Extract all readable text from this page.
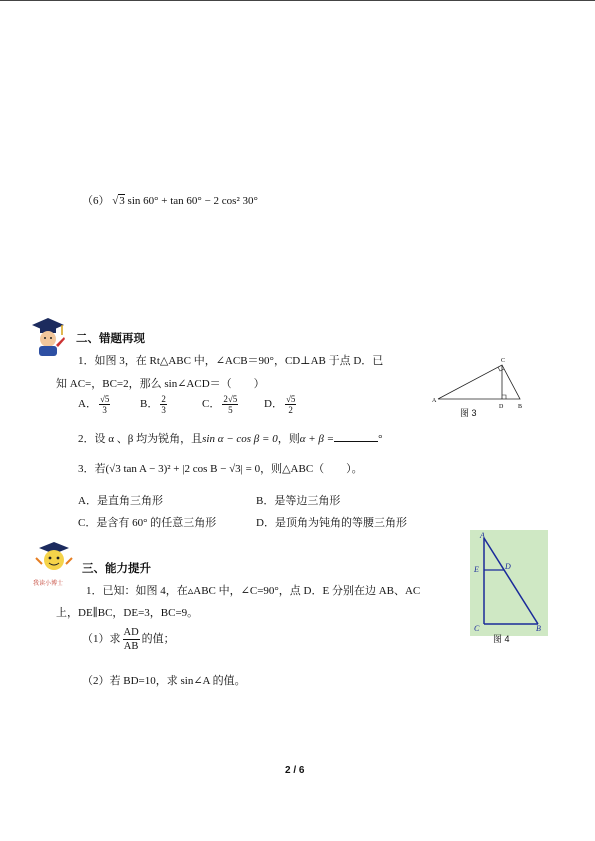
（6） √3 sin 60° + tan 60° − 2 cos² 30°
二、错题再现
1．如图 3，在 Rt△ABC 中，∠ACB＝90°，CD⊥AB 于点 D．已
知 AC=，BC=2，那么 sin∠ACD＝（　　）
A． $\frac{√5}{3}$	B． $\frac{2}{3}$	C． $\frac{2√5}{5}$ D． $\frac{√5}{2}$	A
B
C
D
图 3
2．设 α 、β 均为锐角，且sin α − cos β = 0，则α + β =	°
3．若(√3 tan A − 3)² + |2 cos B − √3| = 0，则△ABC（　　）。
A．是直角三角形	B．是等边三角形
C．是含有 60° 的任意三角形	D．是顶角为钝角的等腰三角形
我读小博士
三、能力提升
1．已知：如图 4，在▵ABC 中，∠C=90°，点 D．E 分别在边 AB、AC
上，DE∥BC，DE=3，BC=9。
（1）求 $\frac{AD}{AB}$ 的值；
（2）若 BD=10，求 sin∠A 的值。
A
E	D
C	B
图 4
2 / 6
